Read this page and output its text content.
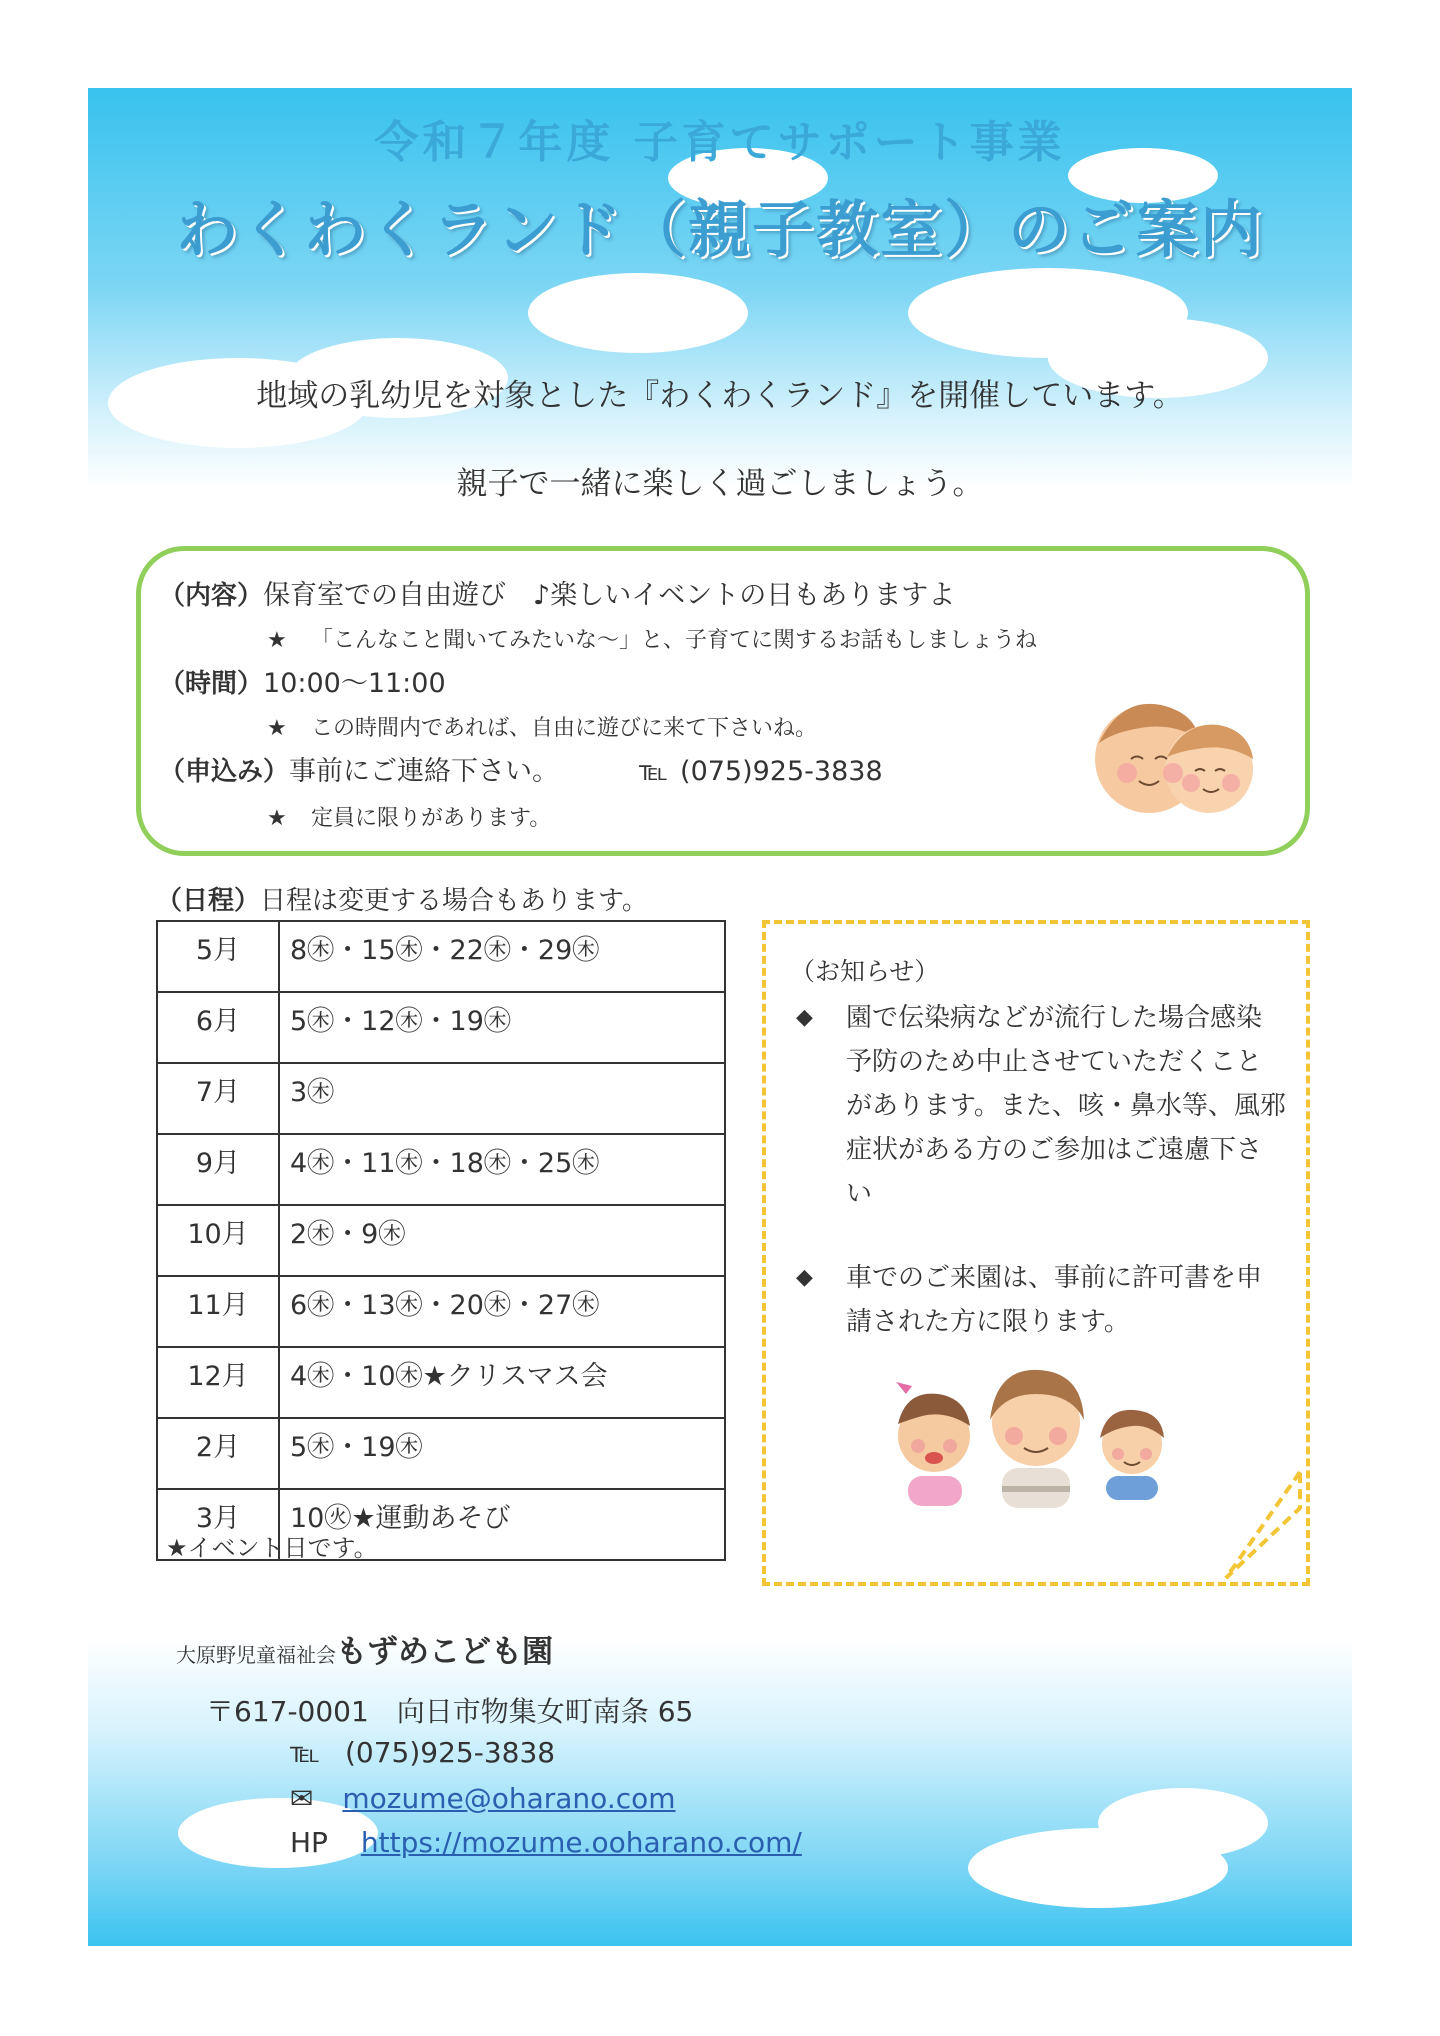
令和７年度 子育てサポート事業
わくわくランド（親子教室）のご案内
地域の乳幼児を対象とした『わくわくランド』を開催しています。
親子で一緒に楽しく過ごしましょう。
（内容）保育室での自由遊び　♪楽しいイベントの日もありますよ
★ 「こんなこと聞いてみたいな～」と、子育てに関するお話もしましょうね
（時間）10:00～11:00
★ この時間内であれば、自由に遊びに来て下さいね。
（申込み）事前にご連絡下さい。	℡ (075)925-3838
★ 定員に限りがあります。
（日程）日程は変更する場合もあります。
5月	8㊍・15㊍・22㊍・29㊍
6月	5㊍・12㊍・19㊍
7月	3㊍
9月	4㊍・11㊍・18㊍・25㊍
10月	2㊍・9㊍
11月	6㊍・13㊍・20㊍・27㊍
12月	4㊍・10㊍★クリスマス会
2月	5㊍・19㊍
3月	10㊋★運動あそび
★イベント日です。
（お知らせ）
◆ 園で伝染病などが流行した場合感染予防のため中止させていただくことがあります。また、咳・鼻水等、風邪症状がある方のご参加はご遠慮下さい
◆ 車でのご来園は、事前に許可書を申請された方に限ります。
大原野児童福祉会もずめこども園
〒617-0001　向日市物集女町南条 65
℡ (075)925-3838
✉ mozume@oharano.com
HP https://mozume.ooharano.com/
